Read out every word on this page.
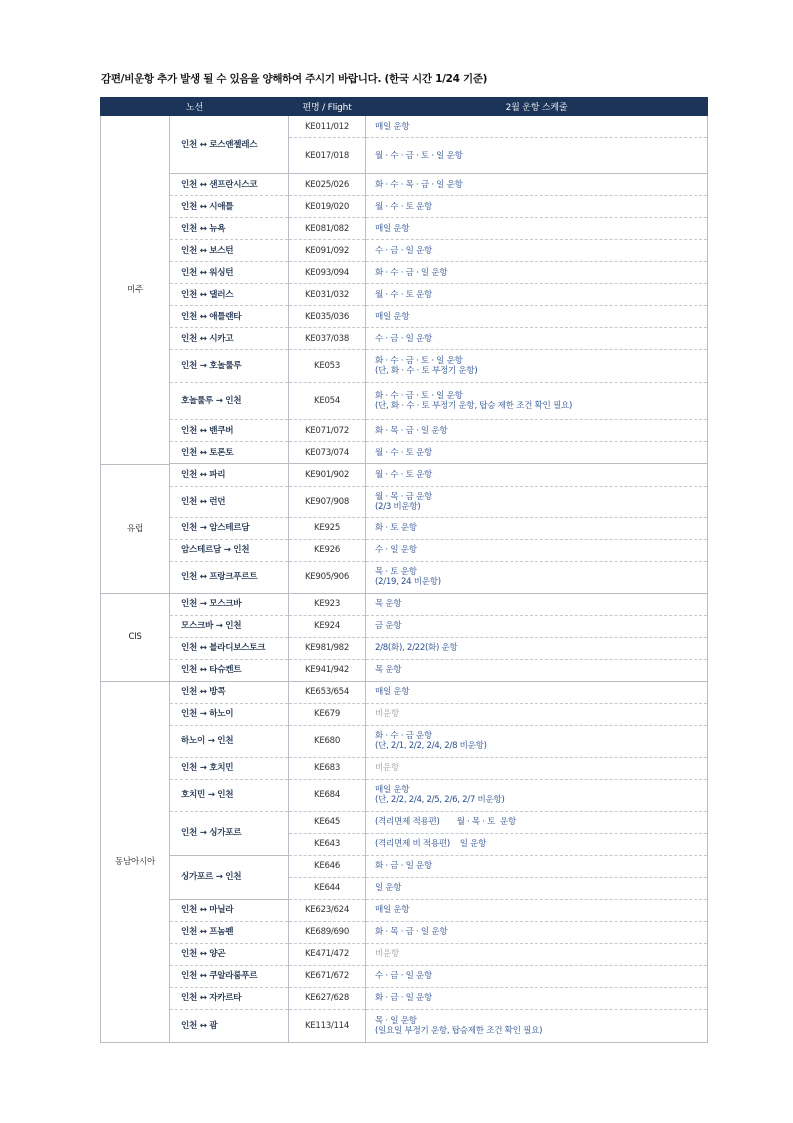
감편/비운항 추가 발생 될 수 있음을 양해하여 주시기 바랍니다. (한국 시간 1/24 기준)
노선		편명 / Flight	2월 운항 스케줄
미주	인천 ↔ 로스앤젤레스	KE011/012	매일 운항
		KE017/018	월 · 수 · 금 · 토 · 일 운항
	인천 ↔ 샌프란시스코	KE025/026	화 · 수 · 목 · 금 · 일 운항
	인천 ↔ 시애틀	KE019/020	월 · 수 · 토 운항
	인천 ↔ 뉴욕	KE081/082	매일 운항
	인천 ↔ 보스턴	KE091/092	수 · 금 · 일 운항
	인천 ↔ 워싱턴	KE093/094	화 · 수 · 금 · 일 운항
	인천 ↔ 댈러스	KE031/032	월 · 수 · 토 운항
	인천 ↔ 애틀랜타	KE035/036	매일 운항
	인천 ↔ 시카고	KE037/038	수 · 금 · 일 운항
	인천 → 호놀룰루	KE053	화 · 수 · 금 · 토 · 일 운항
(단, 화 · 수 · 토 부정기 운항)

	호놀룰루 → 인천	KE054	화 · 수 · 금 · 토 · 일 운항
(단, 화 · 수 · 토 부정기 운항, 탑승 제한 조건 확인 필요)

	인천 ↔ 밴쿠버	KE071/072	화 · 목 · 금 · 일 운항
	인천 ↔ 토론토	KE073/074	월 · 수 · 토 운항

유럽	인천 ↔ 파리	KE901/902	월 · 수 · 토 운항
	인천 ↔ 런던	KE907/908	월 · 목 · 금 운항
(2/3 비운항)

	인천 → 암스테르담	KE925	화 · 토 운항
	암스테르담 → 인천	KE926	수 · 일 운항
	인천 ↔ 프랑크푸르트	KE905/906	목 · 토 운항
(2/19, 24 비운항)

CIS	인천 → 모스크바	KE923	목 운항
	모스크바 → 인천	KE924	금 운항
	인천 ↔ 블라디보스토크	KE981/982	2/8(화), 2/22(화) 운항
	인천 ↔ 타슈켄트	KE941/942	목 운항
동남아시아	인천 ↔ 방콕	KE653/654	매일 운항
	인천 → 하노이	KE679	비운항
	하노이 → 인천	KE680	화 · 수 · 금 운항
(단, 2/1, 2/2, 2/4, 2/8 비운항)

	인천 → 호치민	KE683	비운항
	호치민 → 인천	KE684	매일 운항
(단, 2/2, 2/4, 2/5, 2/6, 2/7 비운항)

	인천 → 싱가포르	KE645	(격리면제 적용편)       월 · 목 · 토  운항
		KE643	(격리면제 비 적용편)    일 운항
	싱가포르 → 인천	KE646	화 · 금 · 일 운항
		KE644	일 운항
	인천 ↔ 마닐라	KE623/624	매일 운항
	인천 ↔ 프놈펜	KE689/690	화 · 목 · 금 · 일 운항
	인천 ↔ 양곤	KE471/472	비운항
	인천 ↔ 쿠알라룸푸르	KE671/672	수 · 금 · 일 운항
	인천 ↔ 자카르타	KE627/628	화 · 금 · 일 운항
	인천 ↔ 괌	KE113/114	목 · 일 운항
(일요일 부정기 운항, 탑승제한 조건 확인 필요)
